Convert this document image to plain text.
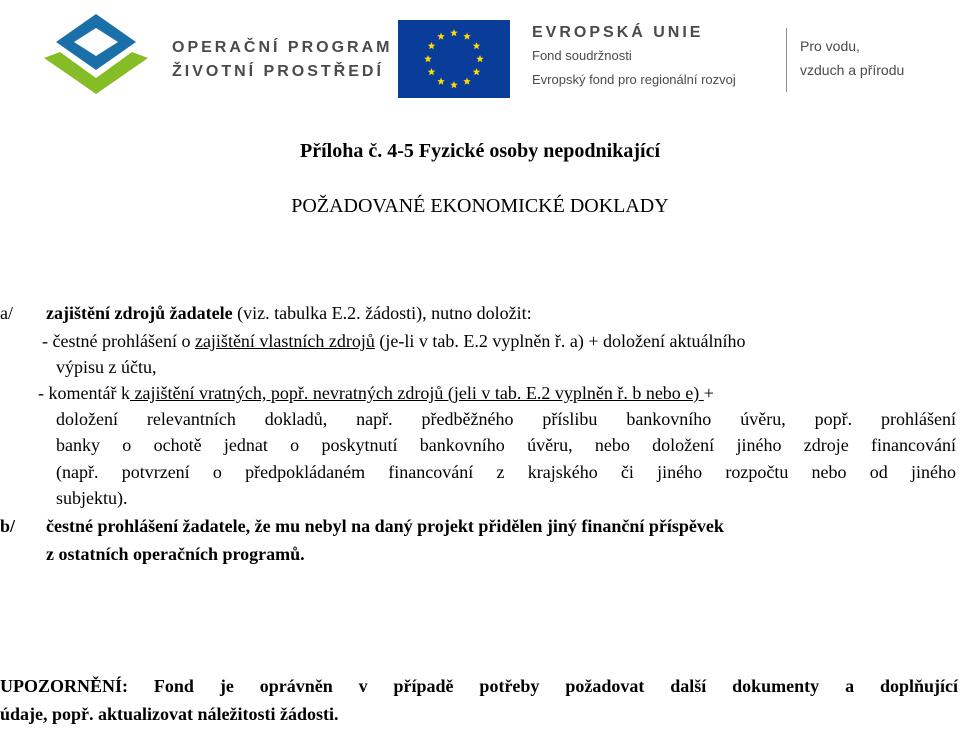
OPERAČNÍ PROGRAM
ŽIVOTNÍ PROSTŘEDÍ
EVROPSKÁ UNIE
Fond soudržnosti
Evropský fond pro regionální rozvoj
Pro vodu,
vzduch a přírodu
Příloha č. 4-5 Fyzické osoby nepodnikající
POŽADOVANÉ EKONOMICKÉ DOKLADY
a/ zajištění zdrojů žadatele (viz. tabulka E.2. žádosti), nutno doložit:
- čestné prohlášení o zajištění vlastních zdrojů (je-li v tab. E.2 vyplněn ř. a) + doložení aktuálního
výpisu z účtu,
- komentář k zajištění vratných, popř. nevratných zdrojů (jeli v tab. E.2 vyplněn ř. b nebo e) +
doložení relevantních dokladů, např. předběžného příslibu bankovního úvěru, popř. prohlášení
banky o ochotě jednat o poskytnutí bankovního úvěru, nebo doložení jiného zdroje financování
(např. potvrzení o předpokládaném financování z krajského či jiného rozpočtu nebo od jiného
subjektu).
b/ čestné prohlášení žadatele, že mu nebyl na daný projekt přidělen jiný finanční příspěvek
z ostatních operačních programů.
UPOZORNĚNÍ: Fond je oprávněn v případě potřeby požadovat další dokumenty a doplňující
údaje, popř. aktualizovat náležitosti žádosti.
